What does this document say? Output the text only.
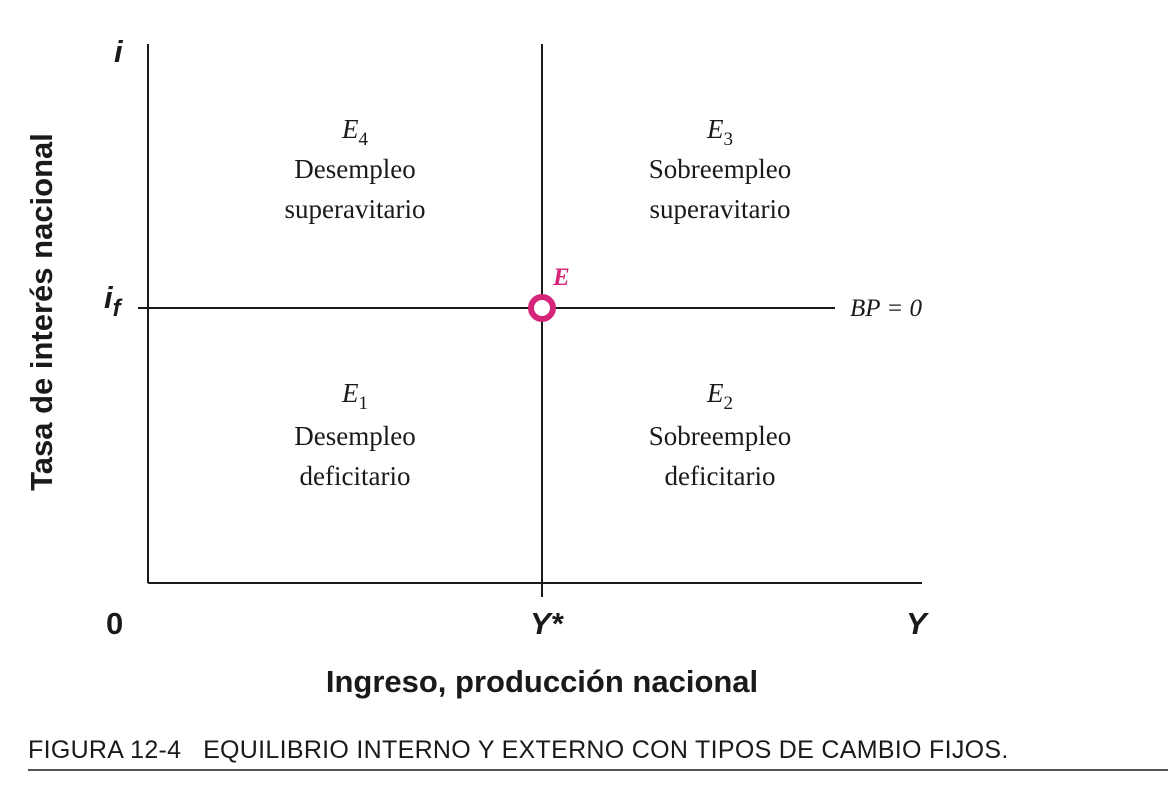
E
BP = 0
i
$i_f$
0	Y*	Y
Tasa de interés nacional
Ingreso, producción nacional
$E_4$
Desempleo
superavitario
$E_3$
Sobreempleo
superavitario
$E_1$
Desempleo
deficitario
$E_2$
Sobreempleo
deficitario
FIGURA 12-4   EQUILIBRIO INTERNO Y EXTERNO CON TIPOS DE CAMBIO FIJOS.
